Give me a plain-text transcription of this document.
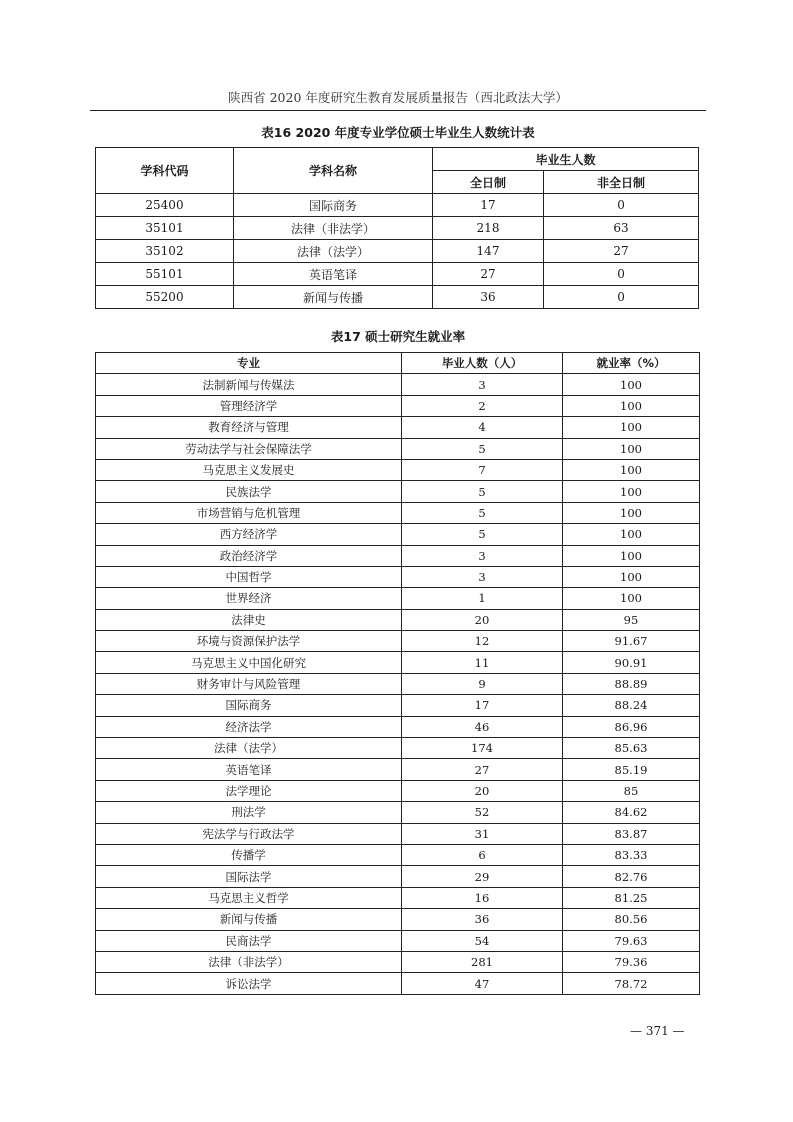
陕西省 2020 年度研究生教育发展质量报告（西北政法大学）
表16 2020 年度专业学位硕士毕业生人数统计表
学科代码	学科名称	毕业生人数	
		全日制	非全日制
25400	国际商务	17	0
35101	法律（非法学）	218	63
35102	法律（法学）	147	27
55101	英语笔译	27	0
55200	新闻与传播	36	0
表17 硕士研究生就业率
专业	毕业人数（人）	就业率（%）
法制新闻与传媒法	3	100
管理经济学	2	100
教育经济与管理	4	100
劳动法学与社会保障法学	5	100
马克思主义发展史	7	100
民族法学	5	100
市场营销与危机管理	5	100
西方经济学	5	100
政治经济学	3	100
中国哲学	3	100
世界经济	1	100
法律史	20	95
环境与资源保护法学	12	91.67
马克思主义中国化研究	11	90.91
财务审计与风险管理	9	88.89
国际商务	17	88.24
经济法学	46	86.96
法律（法学）	174	85.63
英语笔译	27	85.19
法学理论	20	85
刑法学	52	84.62
宪法学与行政法学	31	83.87
传播学	6	83.33
国际法学	29	82.76
马克思主义哲学	16	81.25
新闻与传播	36	80.56
民商法学	54	79.63
法律（非法学）	281	79.36
诉讼法学	47	78.72
— 371 —
